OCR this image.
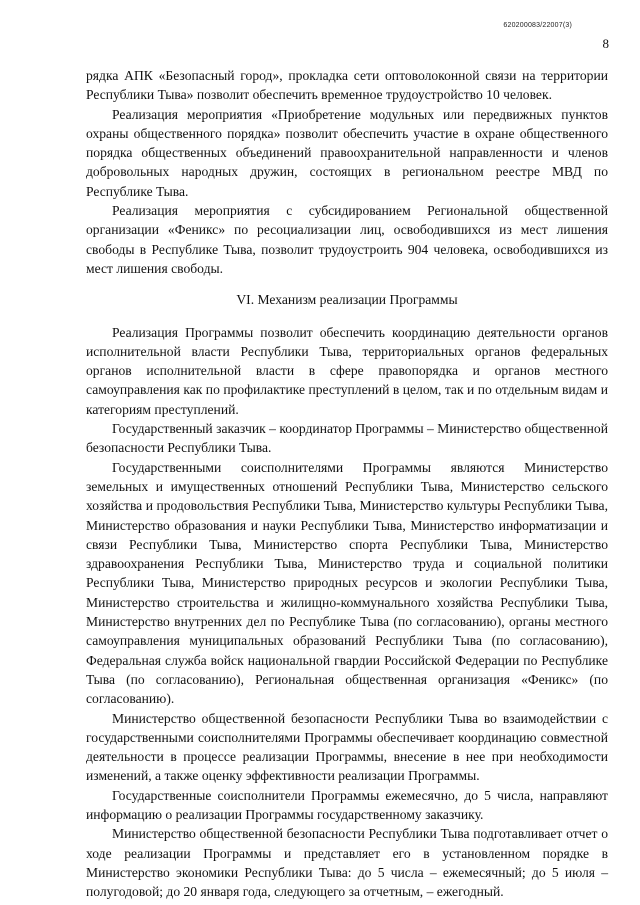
620200083/22007(3)
8

рядка АПК «Безопасный город», прокладка сети оптоволоконной связи на территории Республики Тыва» позволит обеспечить временное трудоустройство 10 человек.

Реализация мероприятия «Приобретение модульных или передвижных пунктов охраны общественного порядка» позволит обеспечить участие в охране общественного порядка общественных объединений правоохранительной направленности и членов добровольных народных дружин, состоящих в региональном реестре МВД по Республике Тыва.

Реализация мероприятия с субсидированием Региональной общественной организации «Феникс» по ресоциализации лиц, освободившихся из мест лишения свободы в Республике Тыва, позволит трудоустроить 904 человека, освободившихся из мест лишения свободы.

VI. Механизм реализации Программы

Реализация Программы позволит обеспечить координацию деятельности органов исполнительной власти Республики Тыва, территориальных органов федеральных органов исполнительной власти в сфере правопорядка и органов местного самоуправления как по профилактике преступлений в целом, так и по отдельным видам и категориям преступлений.

Государственный заказчик – координатор Программы – Министерство общественной безопасности Республики Тыва.

Государственными соисполнителями Программы являются Министерство земельных и имущественных отношений Республики Тыва, Министерство сельского хозяйства и продовольствия Республики Тыва, Министерство культуры Республики Тыва, Министерство образования и науки Республики Тыва, Министерство информатизации и связи Республики Тыва, Министерство спорта Республики Тыва, Министерство здравоохранения Республики Тыва, Министерство труда и социальной политики Республики Тыва, Министерство природных ресурсов и экологии Республики Тыва, Министерство строительства и жилищно-коммунального хозяйства Республики Тыва, Министерство внутренних дел по Республике Тыва (по согласованию), органы местного самоуправления муниципальных образований Республики Тыва (по согласованию), Федеральная служба войск национальной гвардии Российской Федерации по Республике Тыва (по согласованию), Региональная общественная организация «Феникс» (по согласованию).

Министерство общественной безопасности Республики Тыва во взаимодействии с государственными соисполнителями Программы обеспечивает координацию совместной деятельности в процессе реализации Программы, внесение в нее при необходимости изменений, а также оценку эффективности реализации Программы.

Государственные соисполнители Программы ежемесячно, до 5 числа, направляют информацию о реализации Программы государственному заказчику.

Министерство общественной безопасности Республики Тыва подготавливает отчет о ходе реализации Программы и представляет его в установленном порядке в Министерство экономики Республики Тыва: до 5 числа – ежемесячный; до 5 июля – полугодовой; до 20 января года, следующего за отчетным, – ежегодный.
